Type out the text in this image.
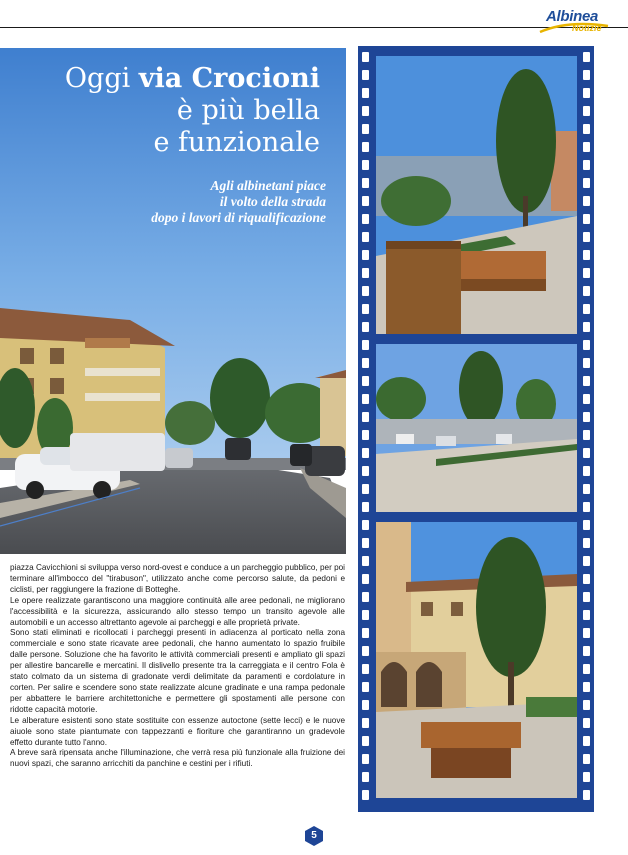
Albinea
Notizie
Oggi via Crocioni
è più bella
e funzionale
Agli albinetani piace
il volto della strada
dopo i lavori di riqualificazione

piazza Cavicchioni si sviluppa verso nord-ovest e conduce a un parcheggio pubblico, per poi terminare all'imbocco del "tirabuson", utilizzato anche come percorso salute, da pedoni e ciclisti, per raggiungere la frazione di Botteghe.

Le opere realizzate garantiscono una maggiore continuità alle aree pedonali, ne migliorano l'accessibilità e la sicurezza, assicurando allo stesso tempo un transito agevole alle automobili e un accesso altrettanto agevole ai parcheggi e alle proprietà private.

Sono stati eliminati e ricollocati i parcheggi presenti in adiacenza al porticato nella zona commerciale e sono state ricavate aree pedonali, che hanno aumentato lo spazio fruibile dalle persone. Soluzione che ha favorito le attività commerciali presenti e ampliato gli spazi per allestire bancarelle e mercatini. Il dislivello presente tra la carreggiata e il centro Fola è stato colmato da un sistema di gradonate verdi delimitate da paramenti e cordolature in corten. Per salire e scendere sono state realizzate alcune gradinate e una rampa pedonale per abbattere le barriere architettoniche e permettere gli spostamenti alle persone con ridotte capacità motorie.

Le alberature esistenti sono state sostituite con essenze autoctone (sette lecci) e le nuove aiuole sono state piantumate con tappezzanti e fioriture che garantiranno un gradevole effetto durante tutto l'anno.

A breve sarà ripensata anche l'illuminazione, che verrà resa più funzionale alla fruizione dei nuovi spazi, che saranno arricchiti da panchine e cestini per i rifiuti.

5
